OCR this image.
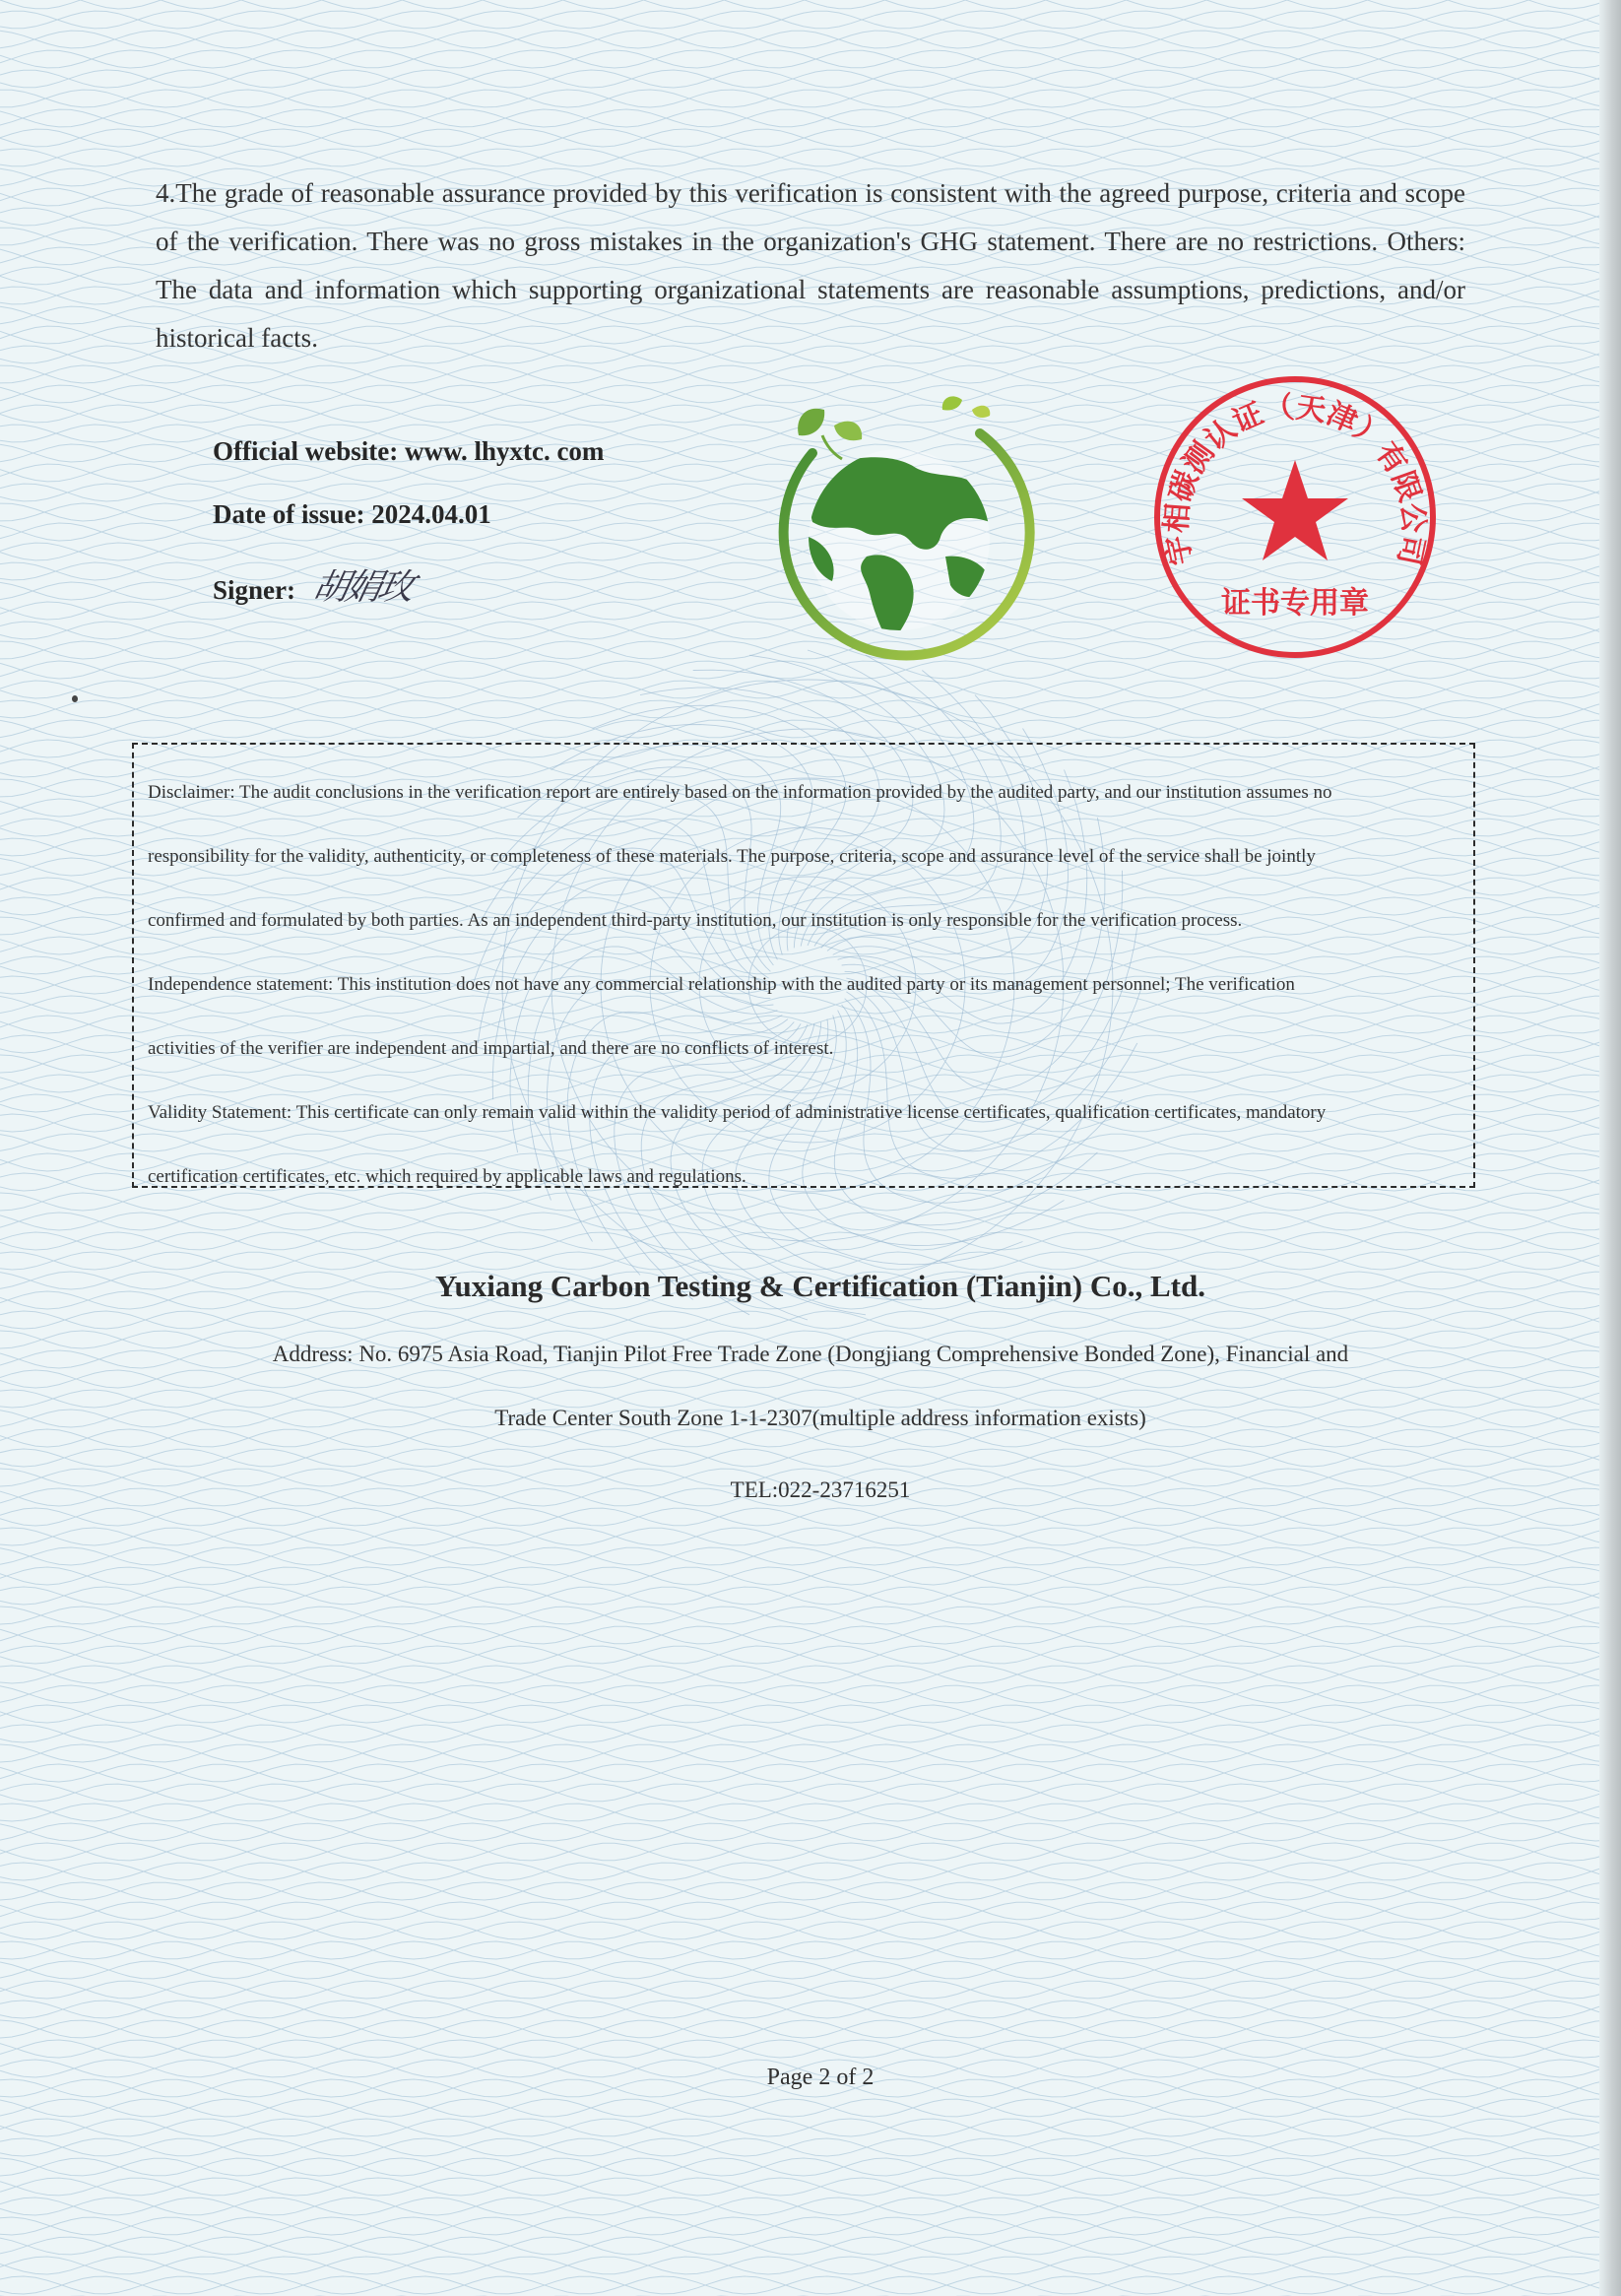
4.The grade of reasonable assurance provided by this verification is consistent with the agreed purpose, criteria and scope of the verification. There was no gross mistakes in the organization's GHG statement. There are no restrictions. Others: The data and information which supporting organizational statements are reasonable assumptions, predictions, and/or historical facts.

Official website: www. lhyxtc. com
Date of issue: 2024.04.01
Signer: 胡娟玫
宇相碳测认证（天津）有限公司
证书专用章

Disclaimer: The audit conclusions in the verification report are entirely based on the information provided by the audited party, and our institution assumes no

responsibility for the validity, authenticity, or completeness of these materials. The purpose, criteria, scope and assurance level of the service shall be jointly

confirmed and formulated by both parties. As an independent third-party institution, our institution is only responsible for the verification process.

Independence statement: This institution does not have any commercial relationship with the audited party or its management personnel; The verification

activities of the verifier are independent and impartial, and there are no conflicts of interest.

Validity Statement: This certificate can only remain valid within the validity period of administrative license certificates, qualification certificates, mandatory

certification certificates, etc. which required by applicable laws and regulations.

Yuxiang Carbon Testing & Certification (Tianjin) Co., Ltd.
Address: No. 6975 Asia Road, Tianjin Pilot Free Trade Zone (Dongjiang Comprehensive Bonded Zone), Financial and
Trade Center South Zone 1-1-2307(multiple address information exists)
TEL:022-23716251
Page 2 of 2
